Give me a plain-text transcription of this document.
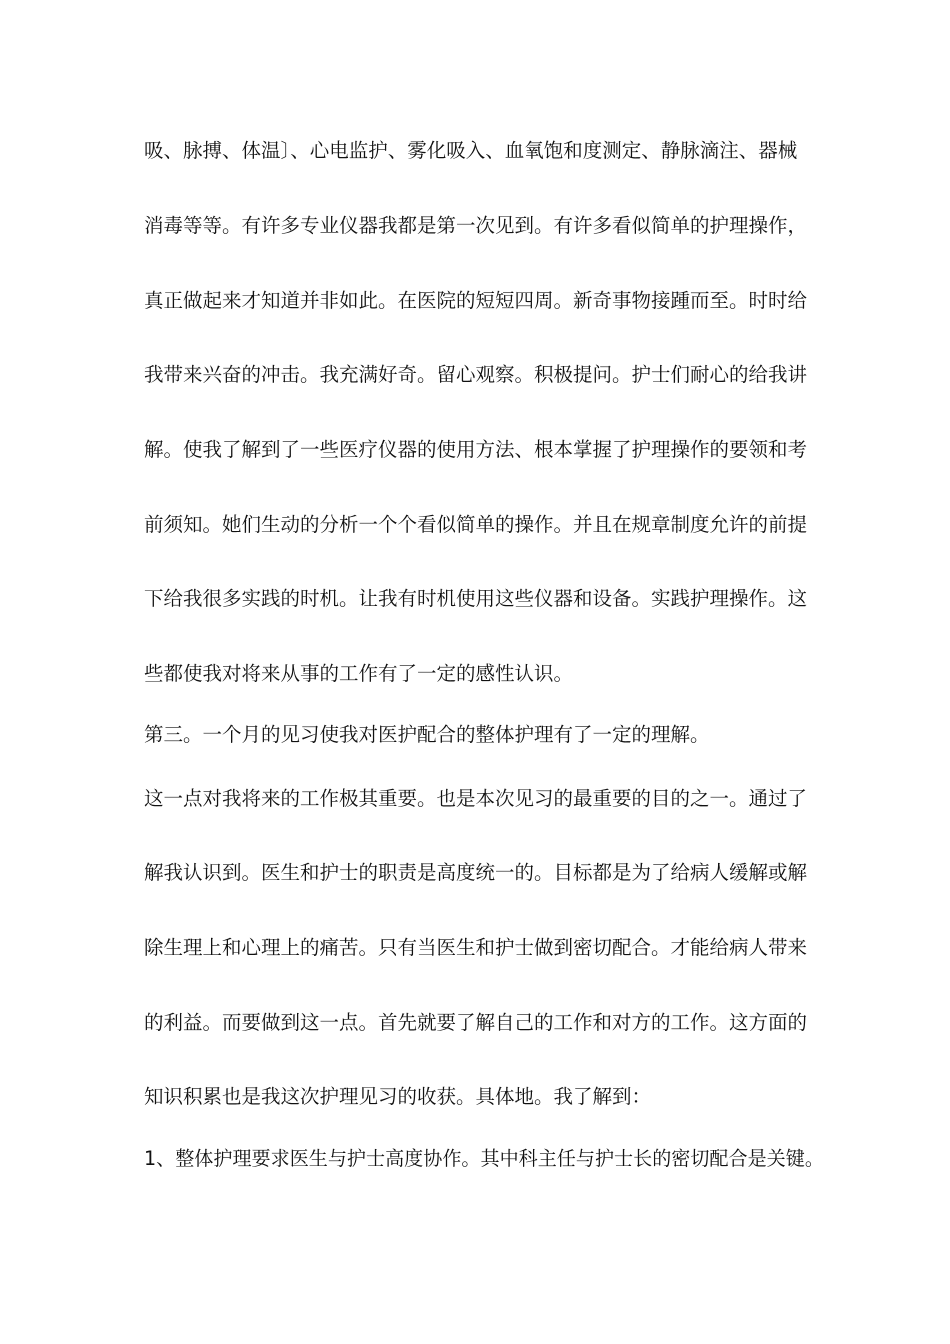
吸、脉搏、体温〕、心电监护、雾化吸入、血氧饱和度测定、静脉滴注、器械

消毒等等。有许多专业仪器我都是第一次见到。有许多看似简单的护理操作，

真正做起来才知道并非如此。在医院的短短四周。新奇事物接踵而至。时时给

我带来兴奋的冲击。我充满好奇。留心观察。积极提问。护士们耐心的给我讲

解。使我了解到了一些医疗仪器的使用方法、根本掌握了护理操作的要领和考

前须知。她们生动的分析一个个看似简单的操作。并且在规章制度允许的前提

下给我很多实践的时机。让我有时机使用这些仪器和设备。实践护理操作。这

些都使我对将来从事的工作有了一定的感性认识。

第三。一个月的见习使我对医护配合的整体护理有了一定的理解。

这一点对我将来的工作极其重要。也是本次见习的最重要的目的之一。通过了

解我认识到。医生和护士的职责是高度统一的。目标都是为了给病人缓解或解

除生理上和心理上的痛苦。只有当医生和护士做到密切配合。才能给病人带来

的利益。而要做到这一点。首先就要了解自己的工作和对方的工作。这方面的

知识积累也是我这次护理见习的收获。具体地。我了解到：

1、整体护理要求医生与护士高度协作。其中科主任与护士长的密切配合是关键。
